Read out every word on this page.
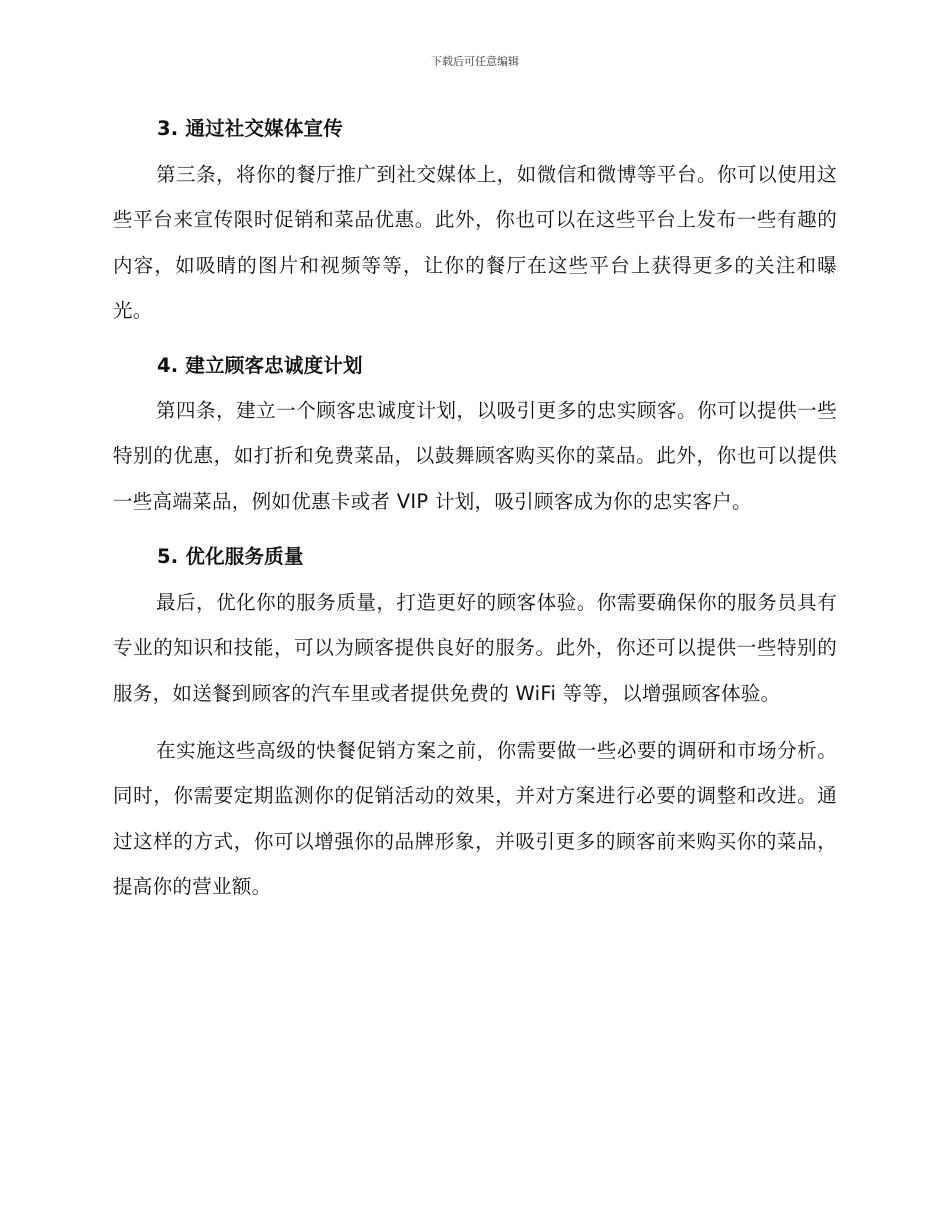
下载后可任意编辑
3. 通过社交媒体宣传

第三条，将你的餐厅推广到社交媒体上，如微信和微博等平台。你可以使用这些平台来宣传限时促销和菜品优惠。此外，你也可以在这些平台上发布一些有趣的内容，如吸睛的图片和视频等等，让你的餐厅在这些平台上获得更多的关注和曝光。

4. 建立顾客忠诚度计划

第四条，建立一个顾客忠诚度计划，以吸引更多的忠实顾客。你可以提供一些特别的优惠，如打折和免费菜品，以鼓舞顾客购买你的菜品。此外，你也可以提供一些高端菜品，例如优惠卡或者 VIP 计划，吸引顾客成为你的忠实客户。

5. 优化服务质量

最后，优化你的服务质量，打造更好的顾客体验。你需要确保你的服务员具有专业的知识和技能，可以为顾客提供良好的服务。此外，你还可以提供一些特别的服务，如送餐到顾客的汽车里或者提供免费的 WiFi 等等，以增强顾客体验。

在实施这些高级的快餐促销方案之前，你需要做一些必要的调研和市场分析。同时，你需要定期监测你的促销活动的效果，并对方案进行必要的调整和改进。通过这样的方式，你可以增强你的品牌形象，并吸引更多的顾客前来购买你的菜品，提高你的营业额。
